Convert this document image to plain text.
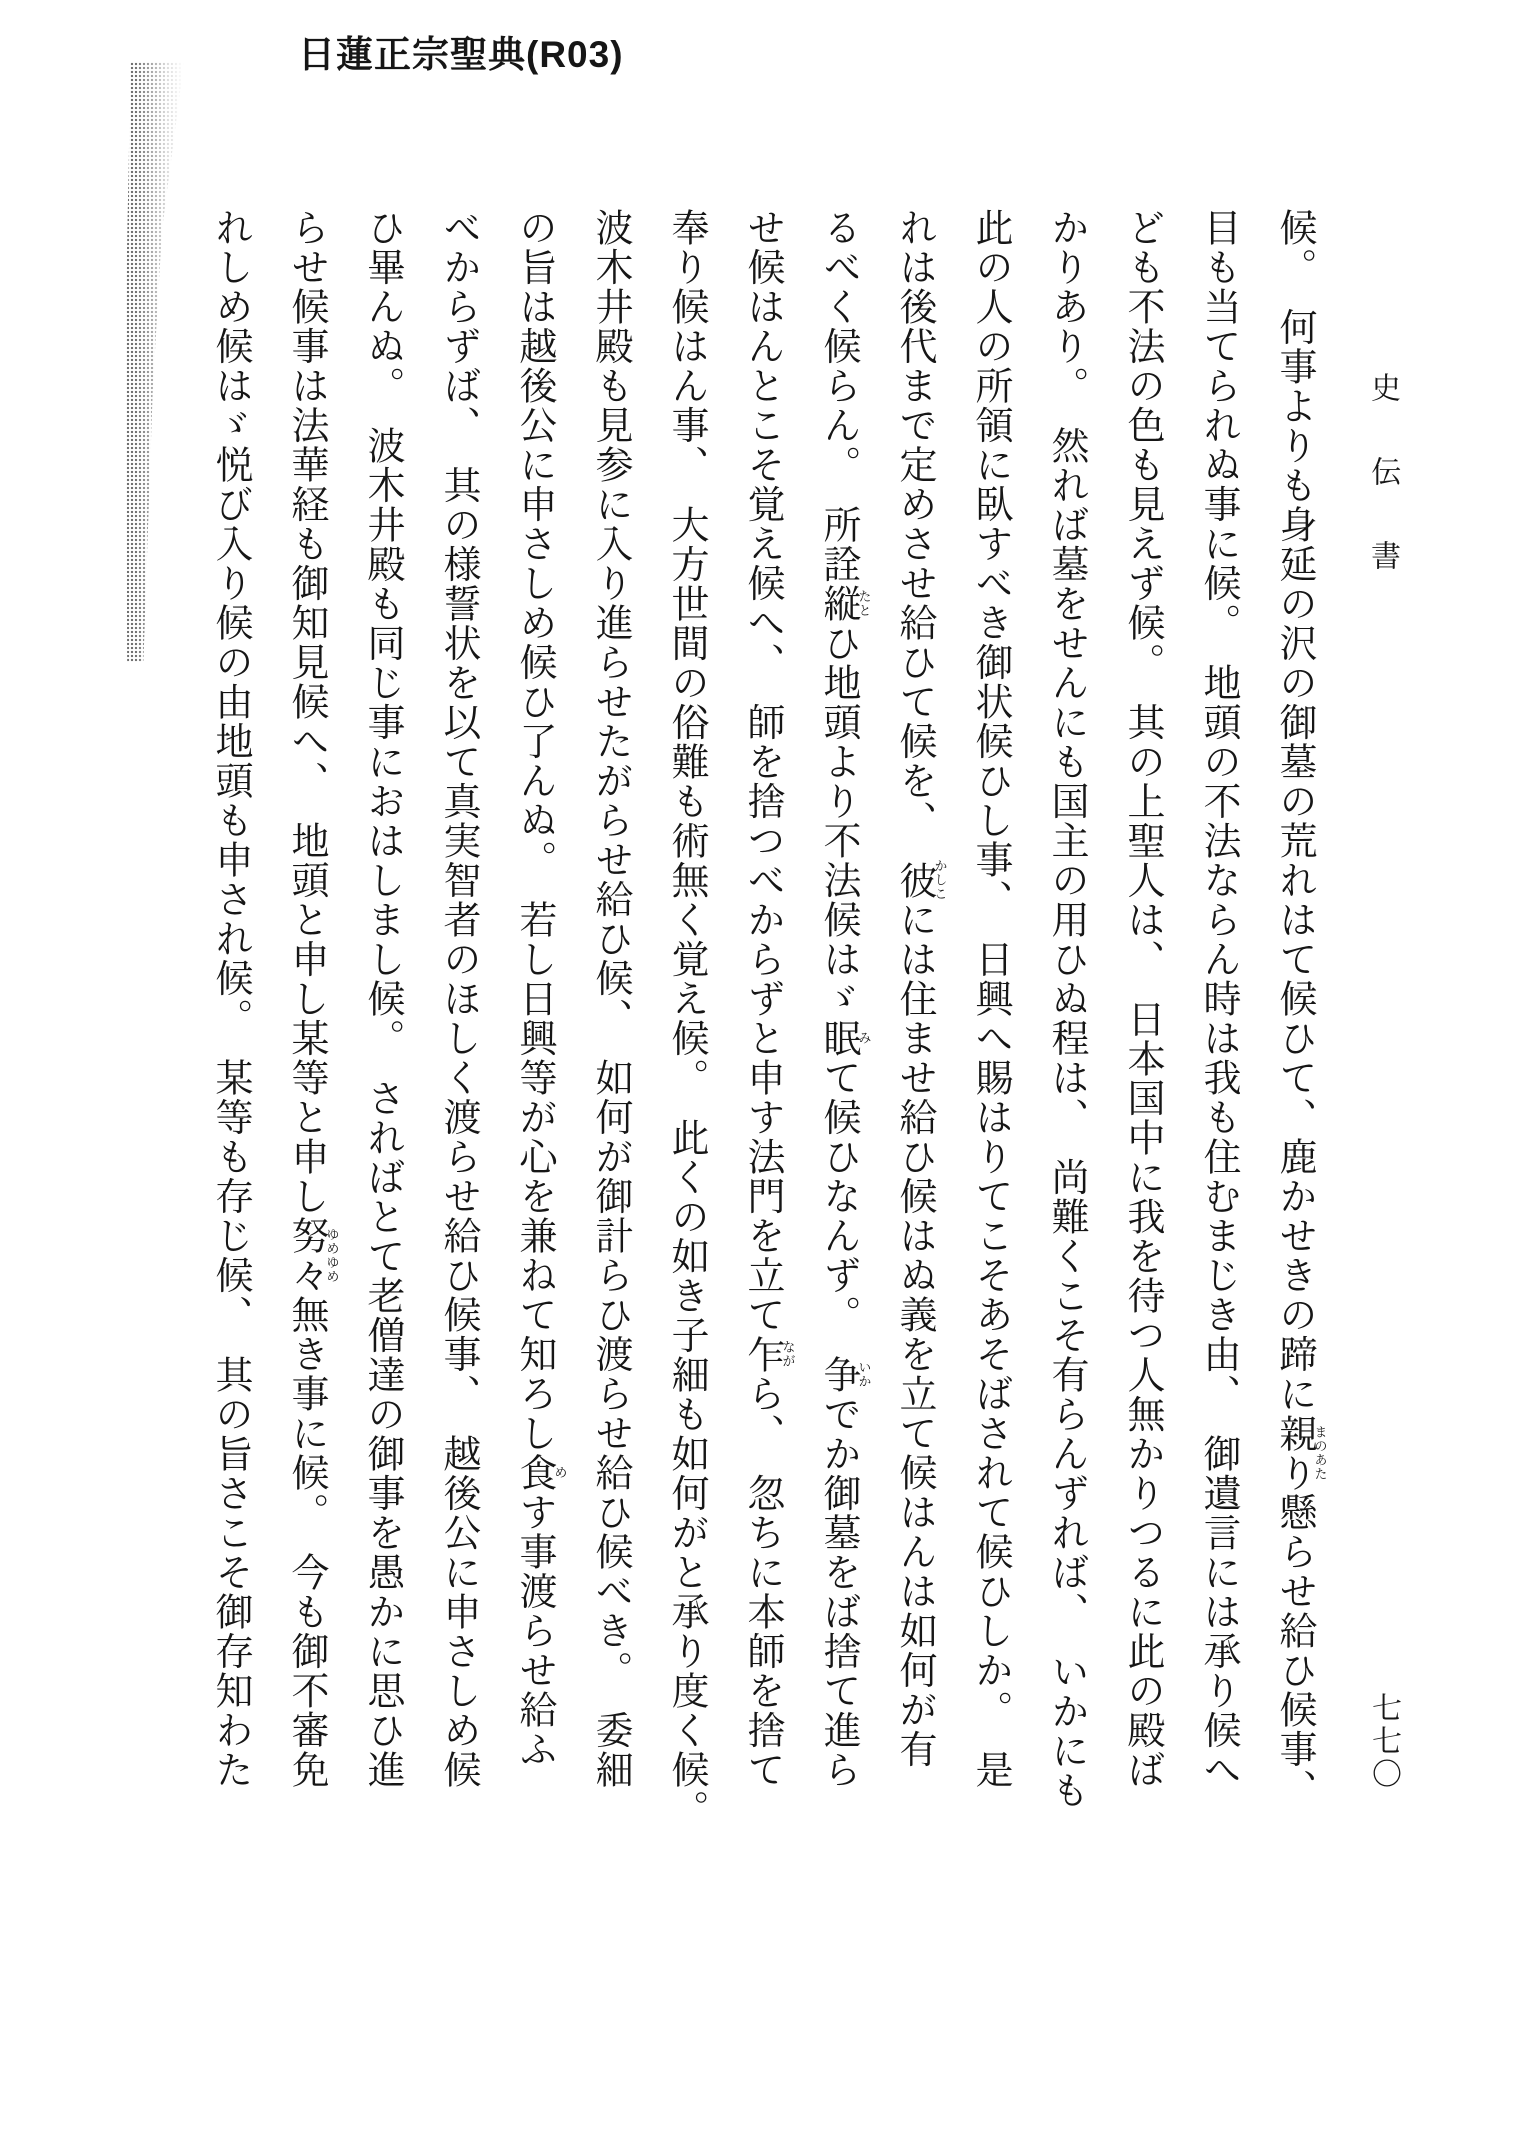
日蓮正宗聖典(R03)
史伝書
七七〇
候。　何事よりも身延の沢の御墓の荒れはて候ひて、鹿かせきの蹄に親りまのあた懸らせ給ひ候事、
目も当てられぬ事に候。　地頭の不法ならん時は我も住むまじき由、　御遺言には承り候へ
ども不法の色も見えず候。　其の上聖人は、　日本国中に我を待つ人無かりつるに此の殿ば
かりあり。　然れば墓をせんにも国主の用ひぬ程は、　尚難くこそ有らんずれば、　いかにも
此の人の所領に臥すべき御状候ひし事、　日興へ賜はりてこそあそばされて候ひしか。　是
れは後代まで定めさせ給ひて候を、　彼かしこには住ませ給ひ候はぬ義を立て候はんは如何が有
るべく候らん。　所詮縦たとひ地頭より不法候はゞ眠みて候ひなんず。　争いかでか御墓をば捨て進ら
せ候はんとこそ覚え候へ、　師を捨つべからずと申す法門を立て乍ながら、　忽ちに本師を捨て
奉り候はん事、　大方世間の俗難も術無く覚え候。　此くの如き子細も如何がと承り度く候。
波木井殿も見参に入り進らせたがらせ給ひ候、　如何が御計らひ渡らせ給ひ候べき。　委細
の旨は越後公に申さしめ候ひ了んぬ。　若し日興等が心を兼ねて知ろし食めす事渡らせ給ふ
べからずば、　其の様誓状を以て真実智者のほしく渡らせ給ひ候事、　越後公に申さしめ候
ひ畢んぬ。　波木井殿も同じ事におはしまし候。　さればとて老僧達の御事を愚かに思ひ進
らせ候事は法華経も御知見候へ、　地頭と申し某等と申し努々ゆめゆめ無き事に候。　今も御不審免
れしめ候はゞ悦び入り候の由地頭も申され候。　某等も存じ候、　其の旨さこそ御存知わた
